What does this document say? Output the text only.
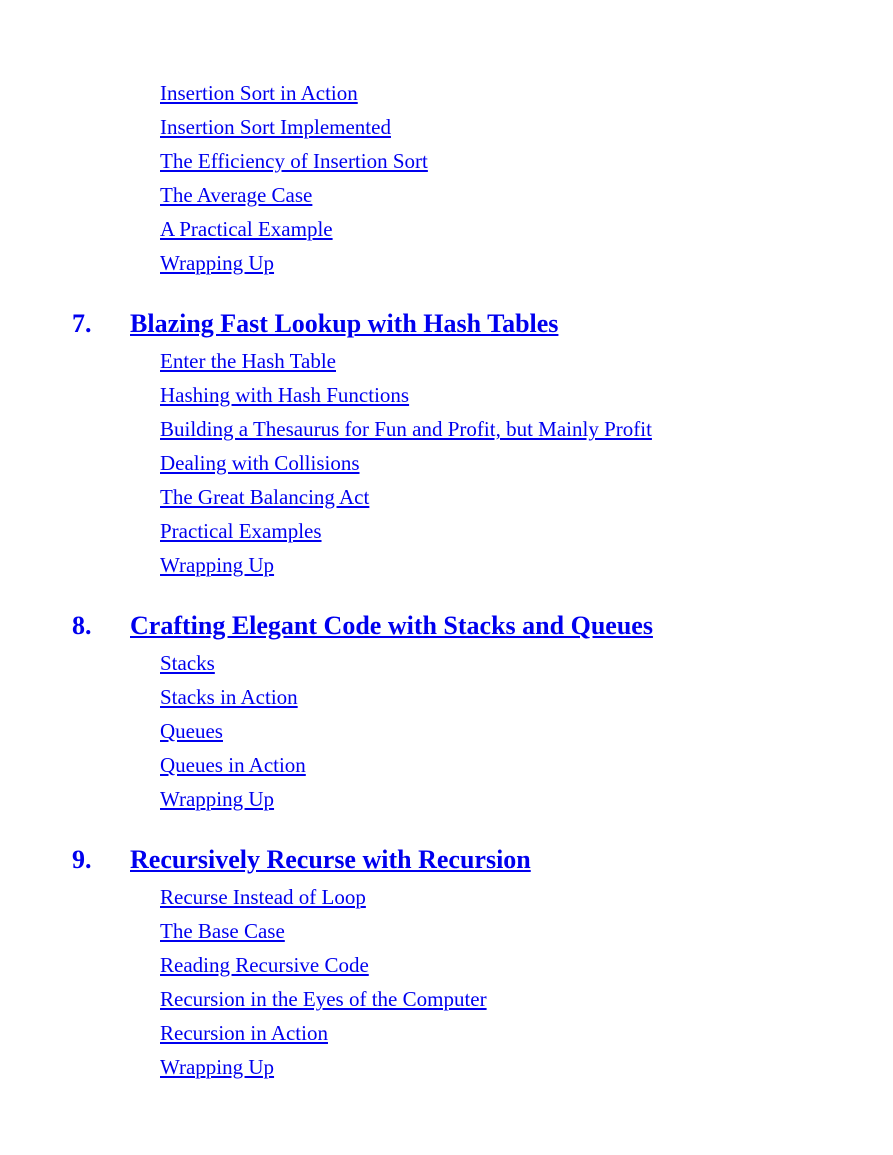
Insertion Sort in Action
Insertion Sort Implemented
The Efficiency of Insertion Sort
The Average Case
A Practical Example
Wrapping Up
7. Blazing Fast Lookup with Hash Tables
Enter the Hash Table
Hashing with Hash Functions
Building a Thesaurus for Fun and Profit, but Mainly Profit
Dealing with Collisions
The Great Balancing Act
Practical Examples
Wrapping Up
8. Crafting Elegant Code with Stacks and Queues
Stacks
Stacks in Action
Queues
Queues in Action
Wrapping Up
9. Recursively Recurse with Recursion
Recurse Instead of Loop
The Base Case
Reading Recursive Code
Recursion in the Eyes of the Computer
Recursion in Action
Wrapping Up
